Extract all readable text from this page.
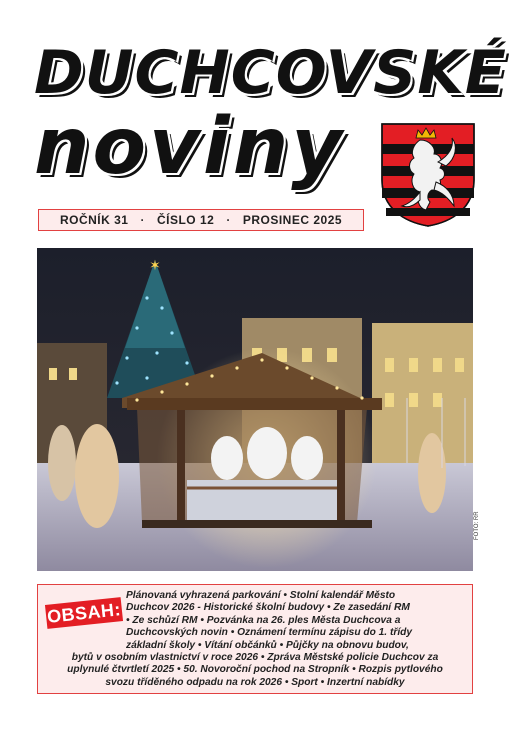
DUCHCOVSKÉ
noviny
ROČNÍK 31 · ČÍSLO 12 · PROSINEC 2025
✶
FOTO: RR
Plánovaná vyhrazená parkování • Stolní kalendář Město
Duchcov 2026 - Historické školní budovy • Ze zasedání RM
• Ze schůzí RM • Pozvánka na 26. ples Města Duchcova a
Duchcovských novin • Oznámení termínu zápisu do 1. třídy
základní školy • Vítání občánků • Půjčky na obnovu budov,
bytů v osobním vlastnictví v roce 2026 • Zpráva Městské policie Duchcov za
uplynulé čtvrtletí 2025 • 50. Novoroční pochod na Stropník • Rozpis pytlového
svozu tříděného odpadu na rok 2026 • Sport • Inzertní nabídky
OBSAH:
